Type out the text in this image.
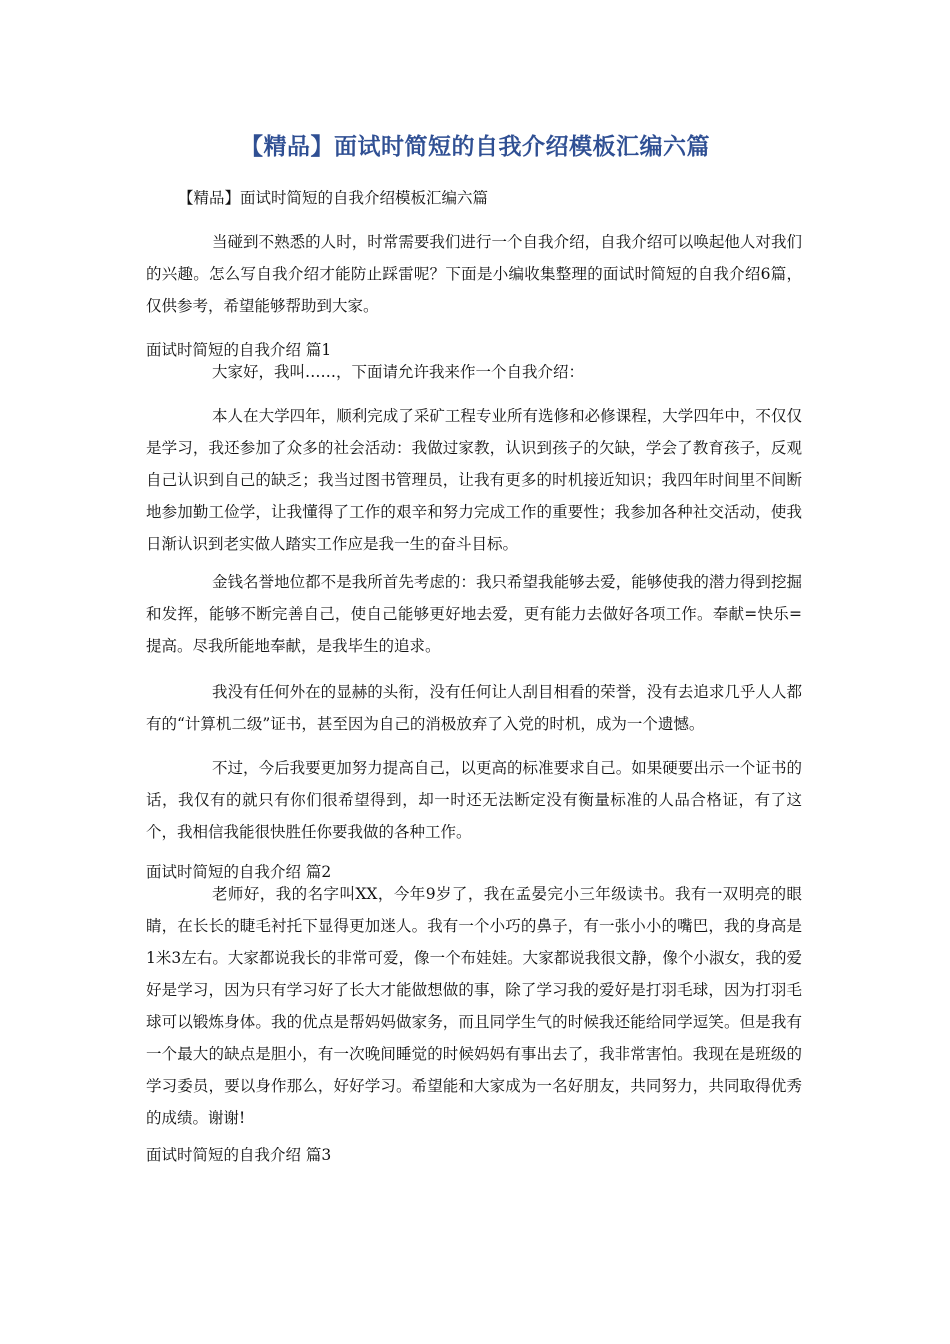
【精品】面试时简短的自我介绍模板汇编六篇
【精品】面试时简短的自我介绍模板汇编六篇

当碰到不熟悉的人时，时常需要我们进行一个自我介绍，自我介绍可以唤起他人对我们的兴趣。怎么写自我介绍才能防止踩雷呢？下面是小编收集整理的面试时简短的自我介绍6篇，仅供参考，希望能够帮助到大家。

面试时简短的自我介绍 篇1

大家好，我叫……，下面请允许我来作一个自我介绍：

本人在大学四年，顺利完成了采矿工程专业所有选修和必修课程，大学四年中，不仅仅是学习，我还参加了众多的社会活动：我做过家教，认识到孩子的欠缺，学会了教育孩子，反观自己认识到自己的缺乏；我当过图书管理员，让我有更多的时机接近知识；我四年时间里不间断地参加勤工俭学，让我懂得了工作的艰辛和努力完成工作的重要性；我参加各种社交活动，使我日渐认识到老实做人踏实工作应是我一生的奋斗目标。

金钱名誉地位都不是我所首先考虑的：我只希望我能够去爱，能够使我的潜力得到挖掘和发挥，能够不断完善自己，使自己能够更好地去爱，更有能力去做好各项工作。奉献=快乐=提高。尽我所能地奉献，是我毕生的追求。

我没有任何外在的显赫的头衔，没有任何让人刮目相看的荣誉，没有去追求几乎人人都有的“计算机二级”证书，甚至因为自己的消极放弃了入党的时机，成为一个遗憾。

不过，今后我要更加努力提高自己，以更高的标准要求自己。如果硬要出示一个证书的话，我仅有的就只有你们很希望得到，却一时还无法断定没有衡量标准的人品合格证，有了这个，我相信我能很快胜任你要我做的各种工作。

面试时简短的自我介绍 篇2

老师好，我的名字叫XX，今年9岁了，我在孟晏完小三年级读书。我有一双明亮的眼睛，在长长的睫毛衬托下显得更加迷人。我有一个小巧的鼻子，有一张小小的嘴巴，我的身高是1米3左右。大家都说我长的非常可爱，像一个布娃娃。大家都说我很文静，像个小淑女，我的爱好是学习，因为只有学习好了长大才能做想做的事，除了学习我的爱好是打羽毛球，因为打羽毛球可以锻炼身体。我的优点是帮妈妈做家务，而且同学生气的时候我还能给同学逗笑。但是我有一个最大的缺点是胆小，有一次晚间睡觉的时候妈妈有事出去了，我非常害怕。我现在是班级的学习委员，要以身作那么，好好学习。希望能和大家成为一名好朋友，共同努力，共同取得优秀的成绩。谢谢!

面试时简短的自我介绍 篇3
